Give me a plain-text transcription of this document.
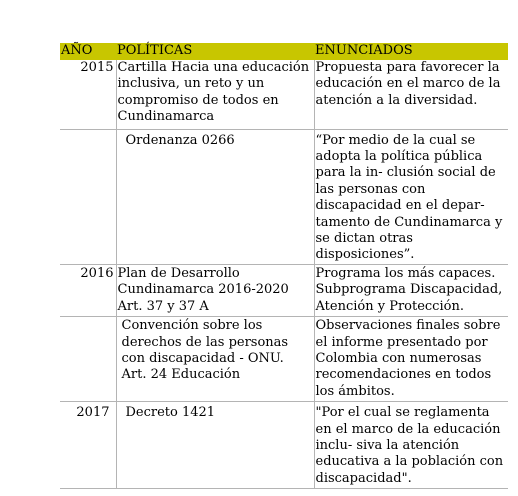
AÑO	POLÍTICAS	ENUNCIADOS
2015	Cartilla Hacia una educación inclusiva, un reto y un compromiso de todos en Cundinamarca	Propuesta para favorecer la educación en el marco de la atención a la diversidad.
	Ordenanza 0266	“Por medio de la cual se adopta la política pública para la in- clusión social de las personas con discapacidad en el depar- tamento de Cundinamarca y se dictan otras disposiciones”.
2016	Plan de Desarrollo Cundinamarca 2016-2020 Art. 37 y 37 A	Programa los más capaces. Subprograma Discapacidad, Atención y Protección.
	Convención sobre los derechos de las personas con discapacidad - ONU. Art. 24 Educación	Observaciones finales sobre el informe presentado por Colombia con numerosas recomendaciones en todos los ámbitos.
2017	Decreto 1421	"Por el cual se reglamenta en el marco de la educación inclu- siva la atención educativa a la población con discapacidad".
